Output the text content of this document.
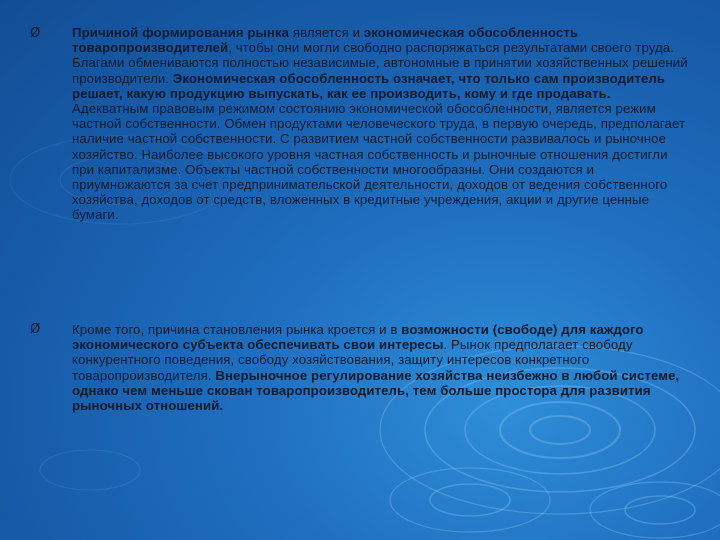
Ø Причиной формирования рынка является и экономическая обособленность товаропроизводителей, чтобы они могли свободно распоряжаться результатами своего труда. Благами обмениваются полностью независимые, автономные в принятии хозяйственных решений производители. Экономическая обособленность означает, что только сам производитель решает, какую продукцию выпускать, как ее производить, кому и где продавать.

Адекватным правовым режимом состоянию экономической обособленности, является режим частной собственности. Обмен продуктами человеческого труда, в первую очередь, предполагает наличие частной собственности. С развитием частной собственности развивалось и рыночное хозяйство. Наиболее высокого уровня частная собственность и рыночные отношения достигли при капитализме. Объекты частной собственности многообразны. Они создаются и приумножаются за счет предпринимательской деятельности, доходов от ведения собственного хозяйства, доходов от средств, вложенных в кредитные учреждения, акции и другие ценные бумаги.

Ø Кроме того, причина становления рынка кроется и в возможности (свободе) для каждого экономического субъекта обеспечивать свои интересы. Рынок предполагает свободу конкурентного поведения, свободу хозяйствования, защиту интересов конкретного товаропроизводителя. Внерыночное регулирование хозяйства неизбежно в любой системе, однако чем меньше скован товаропроизводитель, тем больше простора для развития рыночных отношений.
